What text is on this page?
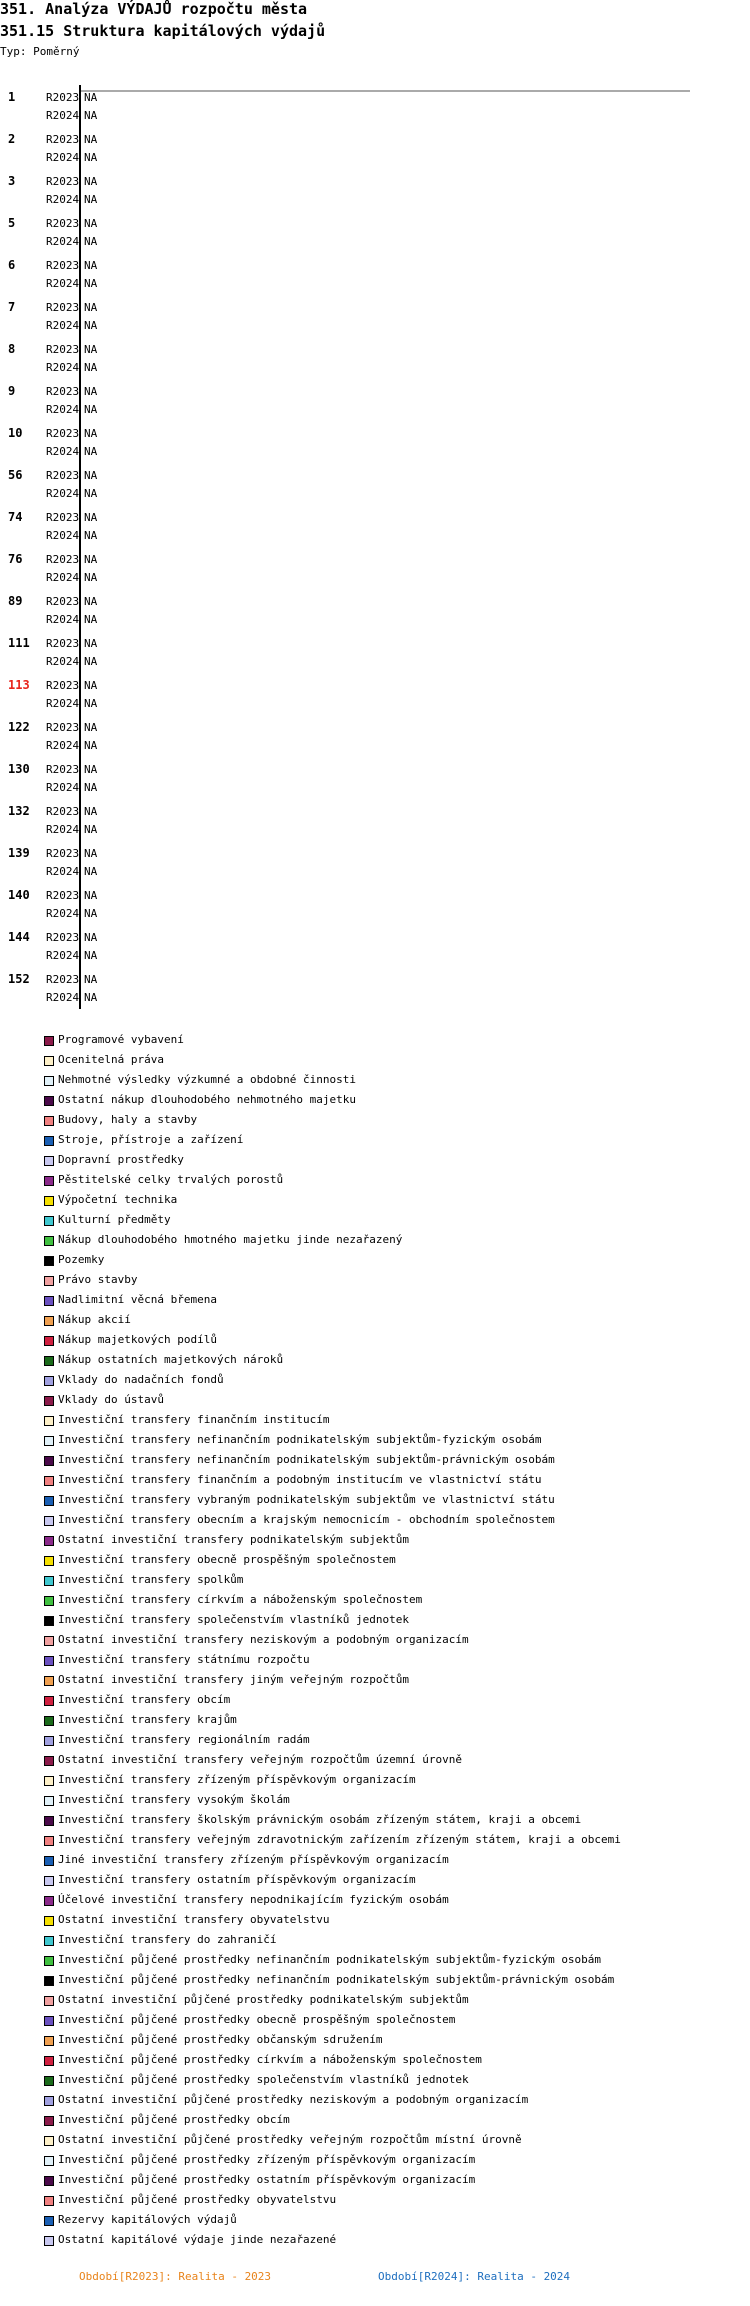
351. Analýza VÝDAJŮ rozpočtu města
351.15 Struktura kapitálových výdajů
Typ: Poměrný
1	R2023 NA
R2024 NA
2	R2023 NA
R2024 NA
3	R2023 NA
R2024 NA
5	R2023 NA
R2024 NA
6	R2023 NA
R2024 NA
7	R2023 NA
R2024 NA
8	R2023 NA
R2024 NA
9	R2023 NA
R2024 NA
10 R2023 NA
R2024 NA
56 R2023 NA
R2024 NA
74 R2023 NA
R2024 NA
76 R2023 NA
R2024 NA
89 R2023 NA
R2024 NA
111 R2023 NA
R2024 NA
113 R2023 NA
R2024 NA
122 R2023 NA
R2024 NA
130 R2023 NA
R2024 NA
132 R2023 NA
R2024 NA
139 R2023 NA
R2024 NA
140 R2023 NA
R2024 NA
144 R2023 NA
R2024 NA
152 R2023 NA
R2024 NA
Programové vybavení
Ocenitelná práva
Nehmotné výsledky výzkumné a obdobné činnosti
Ostatní nákup dlouhodobého nehmotného majetku
Budovy, haly a stavby
Stroje, přístroje a zařízení
Dopravní prostředky
Pěstitelské celky trvalých porostů
Výpočetní technika
Kulturní předměty
Nákup dlouhodobého hmotného majetku jinde nezařazený
Pozemky
Právo stavby
Nadlimitní věcná břemena
Nákup akcií
Nákup majetkových podílů
Nákup ostatních majetkových nároků
Vklady do nadačních fondů
Vklady do ústavů
Investiční transfery finančním institucím
Investiční transfery nefinančním podnikatelským subjektům-fyzickým osobám
Investiční transfery nefinančním podnikatelským subjektům-právnickým osobám
Investiční transfery finančním a podobným institucím ve vlastnictví státu
Investiční transfery vybraným podnikatelským subjektům ve vlastnictví státu
Investiční transfery obecním a krajským nemocnicím - obchodním společnostem
Ostatní investiční transfery podnikatelským subjektům
Investiční transfery obecně prospěšným společnostem
Investiční transfery spolkům
Investiční transfery církvím a náboženským společnostem
Investiční transfery společenstvím vlastníků jednotek
Ostatní investiční transfery neziskovým a podobným organizacím
Investiční transfery státnímu rozpočtu
Ostatní investiční transfery jiným veřejným rozpočtům
Investiční transfery obcím
Investiční transfery krajům
Investiční transfery regionálním radám
Ostatní investiční transfery veřejným rozpočtům územní úrovně
Investiční transfery zřízeným příspěvkovým organizacím
Investiční transfery vysokým školám
Investiční transfery školským právnickým osobám zřízeným státem, kraji a obcemi
Investiční transfery veřejným zdravotnickým zařízením zřízeným státem, kraji a obcemi
Jiné investiční transfery zřízeným příspěvkovým organizacím
Investiční transfery ostatním příspěvkovým organizacím
Účelové investiční transfery nepodnikajícím fyzickým osobám
Ostatní investiční transfery obyvatelstvu
Investiční transfery do zahraničí
Investiční půjčené prostředky nefinančním podnikatelským subjektům-fyzickým osobám
Investiční půjčené prostředky nefinančním podnikatelským subjektům-právnickým osobám
Ostatní investiční půjčené prostředky podnikatelským subjektům
Investiční půjčené prostředky obecně prospěšným společnostem
Investiční půjčené prostředky občanským sdružením
Investiční půjčené prostředky církvím a náboženským společnostem
Investiční půjčené prostředky společenstvím vlastníků jednotek
Ostatní investiční půjčené prostředky neziskovým a podobným organizacím
Investiční půjčené prostředky obcím
Ostatní investiční půjčené prostředky veřejným rozpočtům místní úrovně
Investiční půjčené prostředky zřízeným příspěvkovým organizacím
Investiční půjčené prostředky ostatním příspěvkovým organizacím
Investiční půjčené prostředky obyvatelstvu
Rezervy kapitálových výdajů
Ostatní kapitálové výdaje jinde nezařazené
Období[R2023]: Realita - 2023	Období[R2024]: Realita - 2024
